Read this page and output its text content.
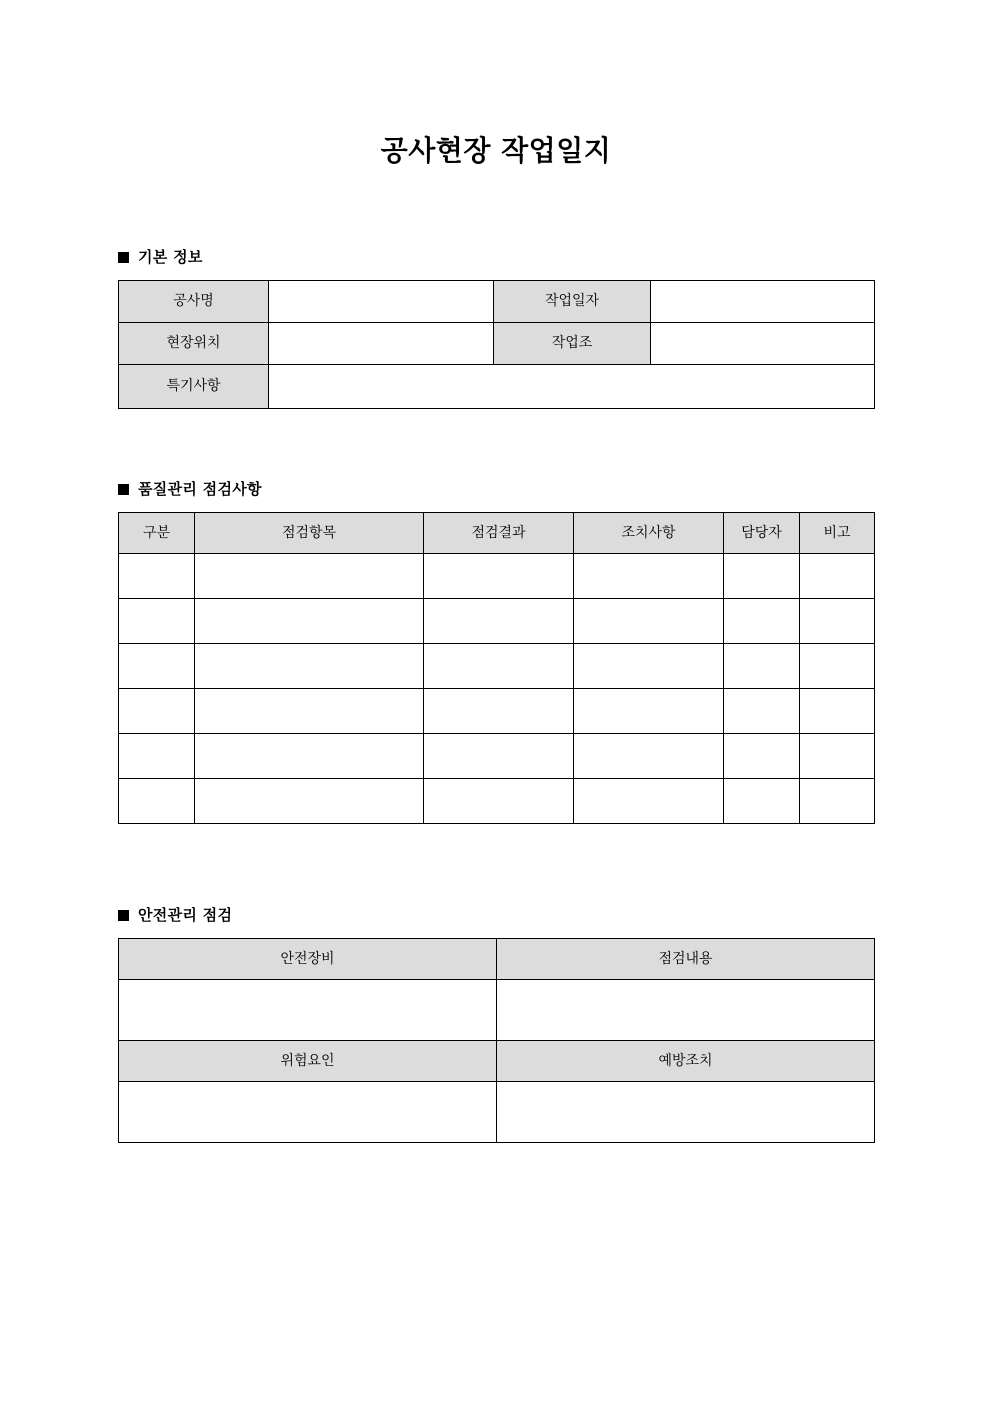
공사현장 작업일지
기본 정보
공사명		작업일자	
현장위치		작업조	
특기사항			
품질관리 점검사항
구분	점검항목	점검결과	조치사항	담당자	비고

안전관리 점검
안전장비	점검내용

위험요인	예방조치
